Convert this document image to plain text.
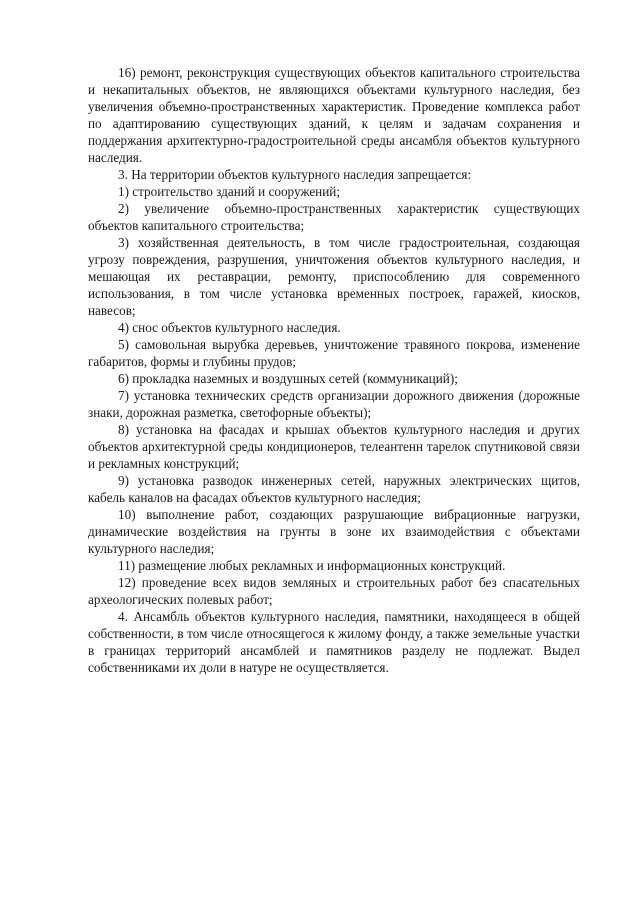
16) ремонт, реконструкция существующих объектов капитального строительства и некапитальных объектов, не являющихся объектами культурного наследия, без увеличения объемно-пространственных характеристик. Проведение комплекса работ по адаптированию существующих зданий, к целям и задачам сохранения и поддержания архитектурно-градостроительной среды ансамбля объектов культурного наследия.

3. На территории объектов культурного наследия запрещается:

1) строительство зданий и сооружений;

2) увеличение объемно-пространственных характеристик существующих объектов капитального строительства;

3) хозяйственная деятельность, в том числе градостроительная, создающая угрозу повреждения, разрушения, уничтожения объектов культурного наследия, и мешающая их реставрации, ремонту, приспособлению для современного использования, в том числе установка временных построек, гаражей, киосков, навесов;

4) снос объектов культурного наследия.

5) самовольная вырубка деревьев, уничтожение травяного покрова, изменение габаритов, формы и глубины прудов;

6) прокладка наземных и воздушных сетей (коммуникаций);

7) установка технических средств организации дорожного движения (дорожные знаки, дорожная разметка, светофорные объекты);

8) установка на фасадах и крышах объектов культурного наследия и других объектов архитектурной среды кондиционеров, телеантенн тарелок спутниковой связи и рекламных конструкций;

9) установка разводок инженерных сетей, наружных электрических щитов, кабель каналов на фасадах объектов культурного наследия;

10) выполнение работ, создающих разрушающие вибрационные нагрузки, динамические воздействия на грунты в зоне их взаимодействия с объектами культурного наследия;

11) размещение любых рекламных и информационных конструкций.

12) проведение всех видов земляных и строительных работ без спасательных археологических полевых работ;

4. Ансамбль объектов культурного наследия, памятники, находящееся в общей собственности, в том числе относящегося к жилому фонду, а также земельные участки в границах территорий ансамблей и памятников разделу не подлежат. Выдел собственниками их доли в натуре не осуществляется.
